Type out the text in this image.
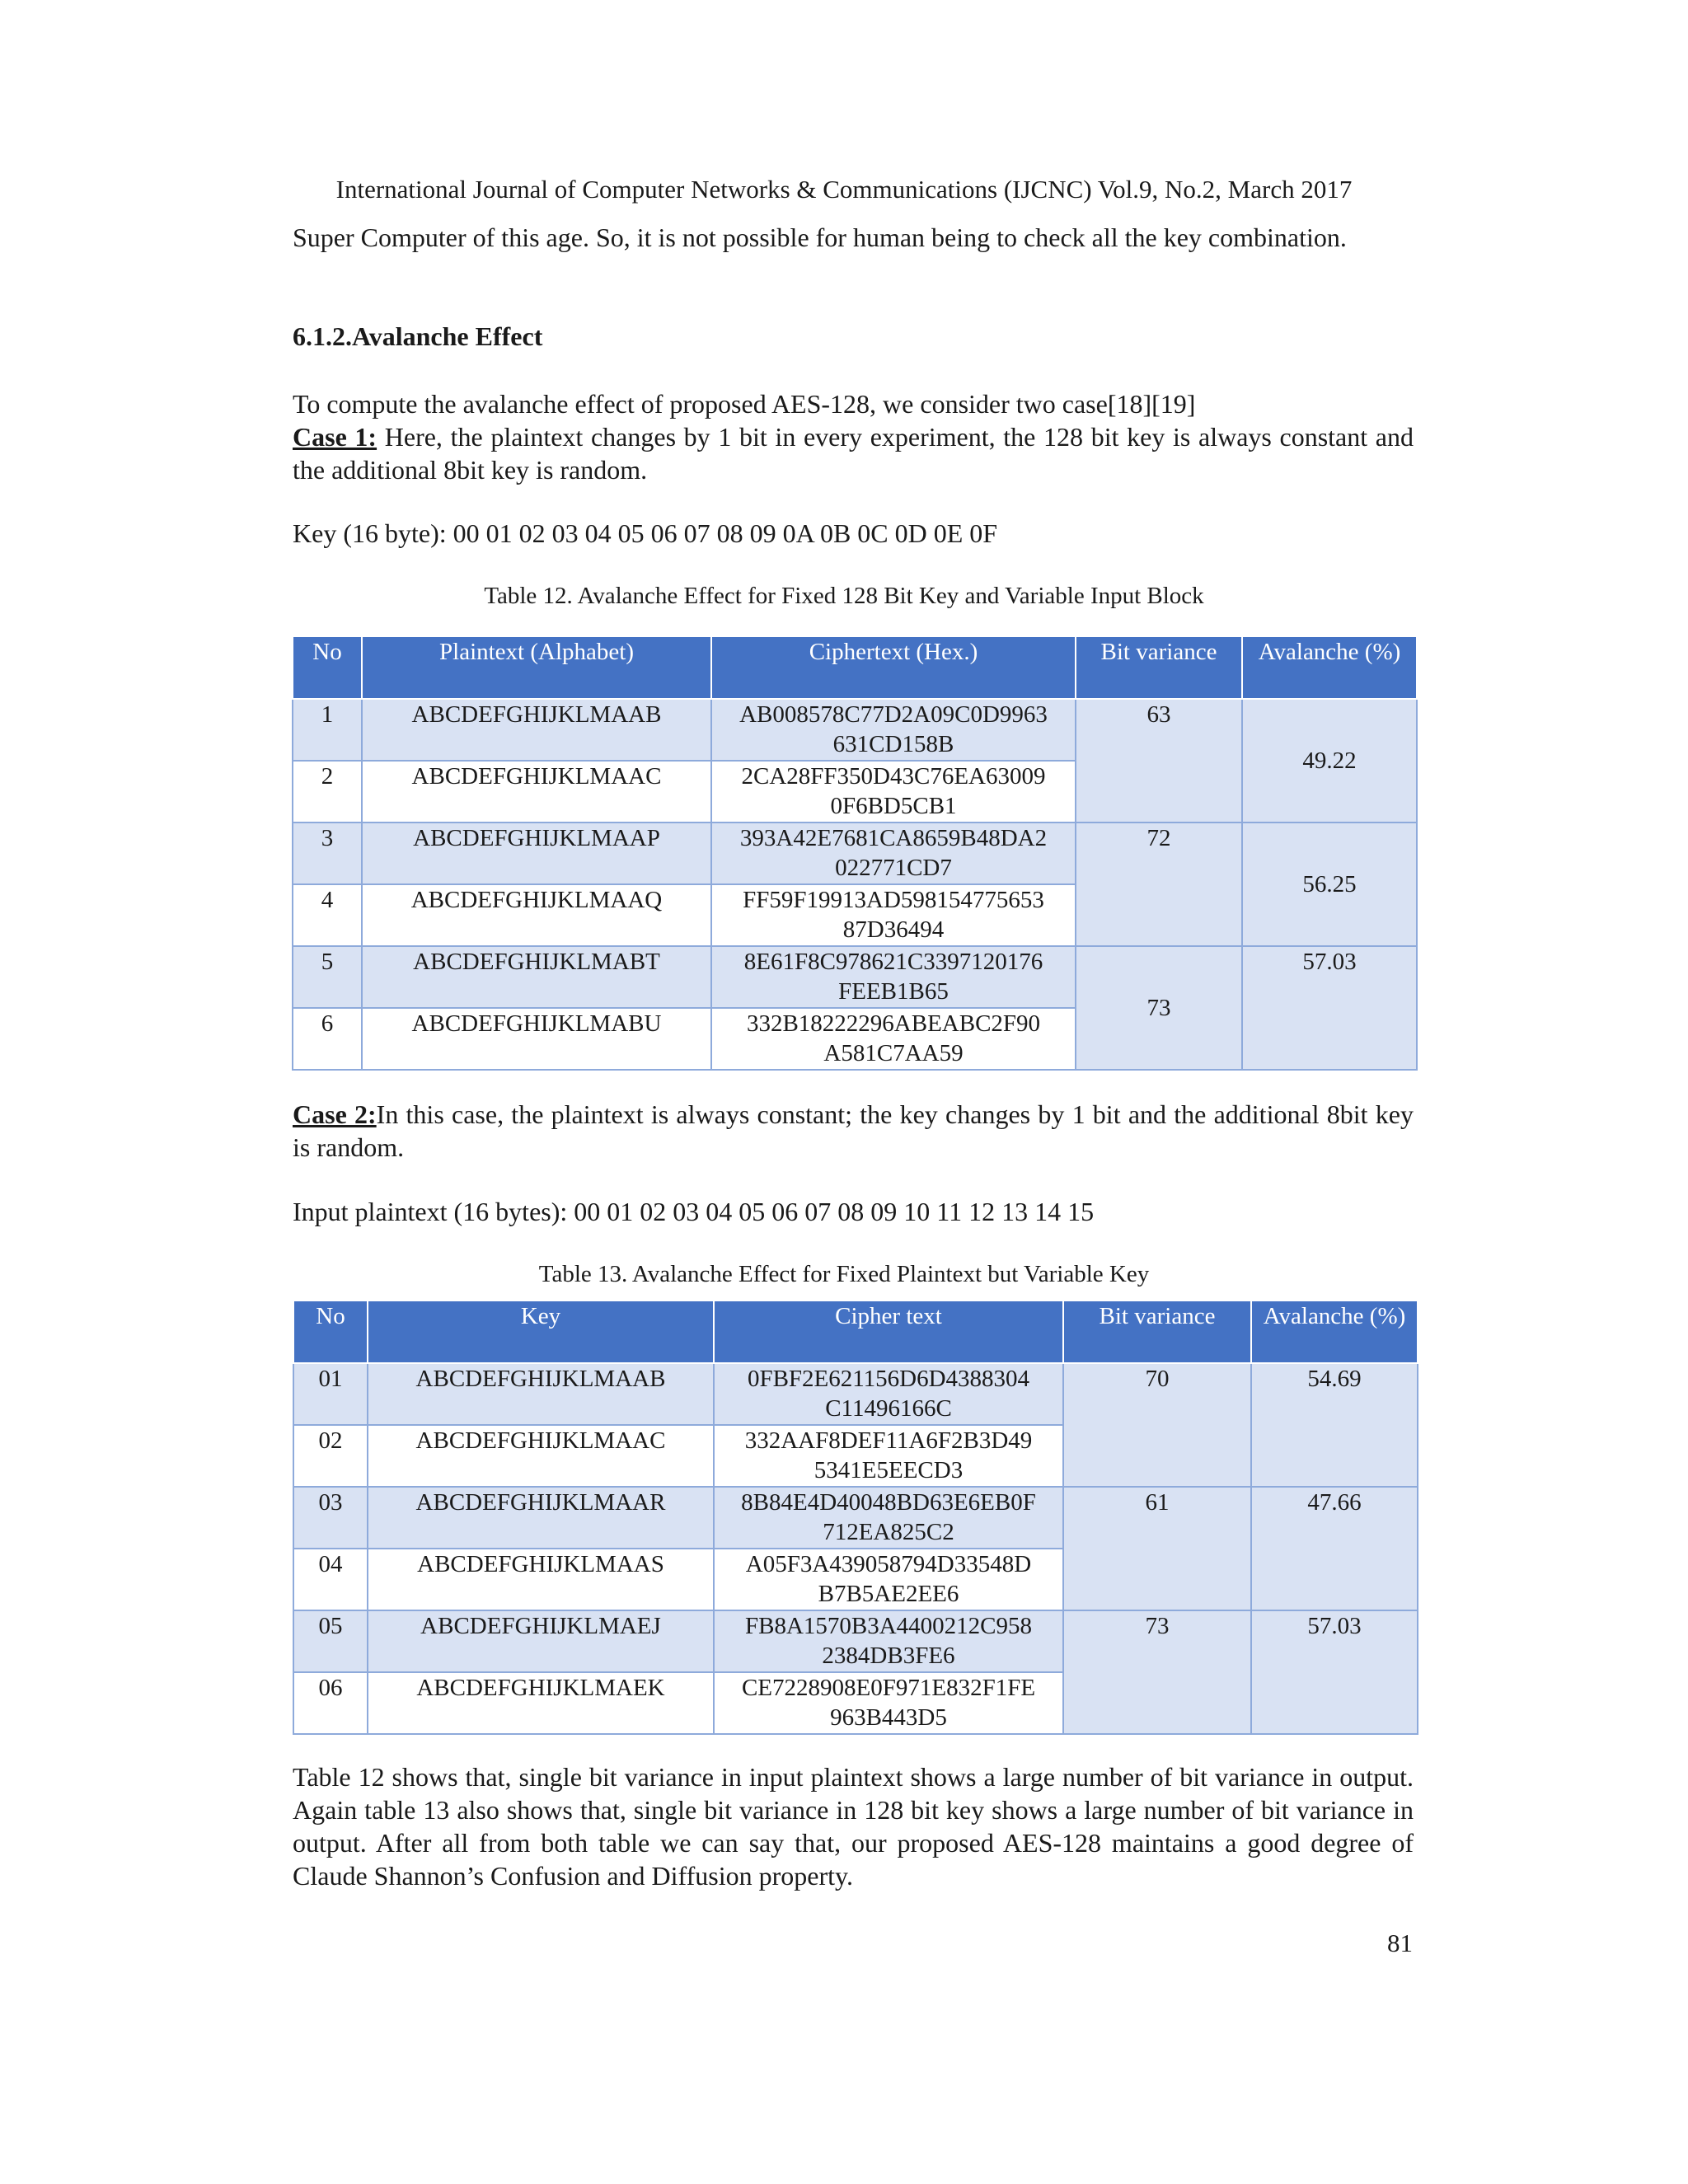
International Journal of Computer Networks & Communications (IJCNC) Vol.9, No.2, March 2017
Super Computer of this age. So, it is not possible for human being to check all the key combination.
6.1.2.Avalanche Effect
To compute the avalanche effect of proposed AES-128, we consider two case[18][19]
Case 1: Here, the plaintext changes by 1 bit in every experiment, the 128 bit key is always constant and the additional 8bit key is random.
Key (16 byte): 00 01 02 03 04 05 06 07 08 09 0A 0B 0C 0D 0E 0F
Table 12. Avalanche Effect for Fixed 128 Bit Key and Variable Input Block
No	Plaintext (Alphabet)	Ciphertext (Hex.)	Bit variance	Avalanche (%)
1	ABCDEFGHIJKLMAAB	AB008578C77D2A09C0D9963 631CD158B	63	49.22
2	ABCDEFGHIJKLMAAC	2CA28FF350D43C76EA63009 0F6BD5CB1		
3	ABCDEFGHIJKLMAAP	393A42E7681CA8659B48DA2 022771CD7	72	56.25
4	ABCDEFGHIJKLMAAQ	FF59F19913AD598154775653 87D36494		
5	ABCDEFGHIJKLMABT	8E61F8C978621C3397120176 FEEB1B65	73	57.03
6	ABCDEFGHIJKLMABU	332B18222296ABEABC2F90 A581C7AA59		
Case 2:In this case, the plaintext is always constant; the key changes by 1 bit and the additional 8bit key is random.
Input plaintext (16 bytes): 00 01 02 03 04 05 06 07 08 09 10 11 12 13 14 15
Table 13. Avalanche Effect for Fixed Plaintext but Variable Key
No	Key	Cipher text	Bit variance	Avalanche (%)
01	ABCDEFGHIJKLMAAB	0FBF2E621156D6D4388304 C11496166C	70	54.69
02	ABCDEFGHIJKLMAAC	332AAF8DEF11A6F2B3D49 5341E5EECD3		
03	ABCDEFGHIJKLMAAR	8B84E4D40048BD63E6EB0F 712EA825C2	61	47.66
04	ABCDEFGHIJKLMAAS	A05F3A439058794D33548D B7B5AE2EE6		
05	ABCDEFGHIJKLMAEJ	FB8A1570B3A4400212C958 2384DB3FE6	73	57.03
06	ABCDEFGHIJKLMAEK	CE7228908E0F971E832F1FE 963B443D5		
Table 12 shows that, single bit variance in input plaintext shows a large number of bit variance in output. Again table 13 also shows that, single bit variance in 128 bit key shows a large number of bit variance in output. After all from both table we can say that, our proposed AES-128 maintains a good degree of Claude Shannon’s Confusion and Diffusion property.
81
